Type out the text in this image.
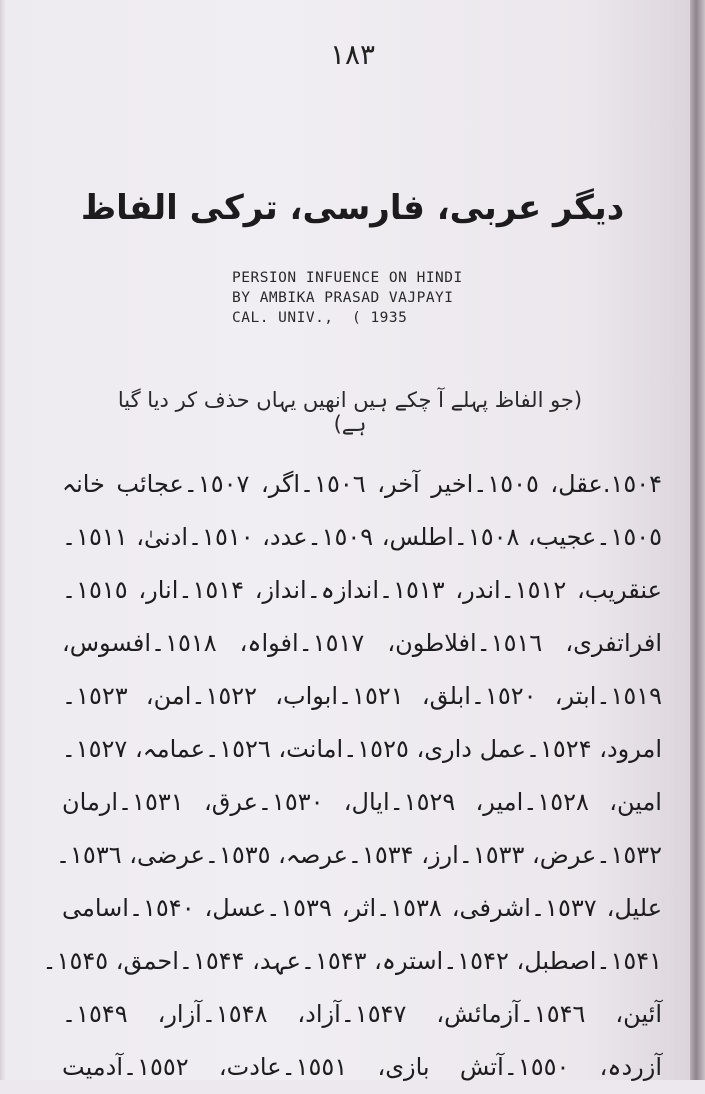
١٨٣
دیگر عربی، فارسی، ترکی الفاظ
PERSION INFUENCE ON HINDI
BY AMBIKA PRASAD VAJPAYI
CAL. UNIV.,  ( 1935
(جو الفاظ پہلے آ چکے ہیں انھیں یہاں حذف کر دیا گیا ہے)
١٥٠۴.عقل، ١٥٠٥۔اخیر آخر، ١٥٠٦۔اگر، ١٥٠٧۔عجائب خانہ
١٥٠٥۔عجیب، ١٥٠٨۔اطلس، ١٥٠٩۔عدد، ١٥١٠۔ادنیٰ، ١٥١١۔
عنقریب، ١٥١٢۔اندر، ١٥١٣۔اندازہ۔انداز، ١٥١۴۔انار، ١٥١٥۔
افراتفری، ١٥١٦۔افلاطون، ١٥١٧۔افواہ، ١٥١٨۔افسوس،
١٥١٩۔ابتر، ١٥٢٠۔ابلق، ١٥٢١۔ابواب، ١٥٢٢۔امن، ١٥٢٣۔
امرود، ١٥٢۴۔عمل داری، ١٥٢٥۔امانت، ١٥٢٦۔عمامہ، ١٥٢٧۔
امین، ١٥٢٨۔امیر، ١٥٢٩۔ایال، ١٥٣٠۔عرق، ١٥٣١۔ارمان
١٥٣٢۔عرض، ١٥٣٣۔ارز، ١٥٣۴۔عرصہ، ١٥٣٥۔عرضی، ١٥٣٦۔
علیل، ١٥٣٧۔اشرفی، ١٥٣٨۔اثر، ١٥٣٩۔عسل، ١٥۴٠۔اسامی
١٥۴١۔اصطبل، ١٥۴٢۔استرہ، ١٥۴٣۔عہد، ١٥۴۴۔احمق، ١٥۴٥۔
آئین، ١٥۴٦۔آزمائش، ١٥۴٧۔آزاد، ١٥۴٨۔آزار، ١٥۴٩۔
آزردہ، ١٥٥٠۔آتش بازی، ١٥٥١۔عادت، ١٥٥٢۔آدمیت
